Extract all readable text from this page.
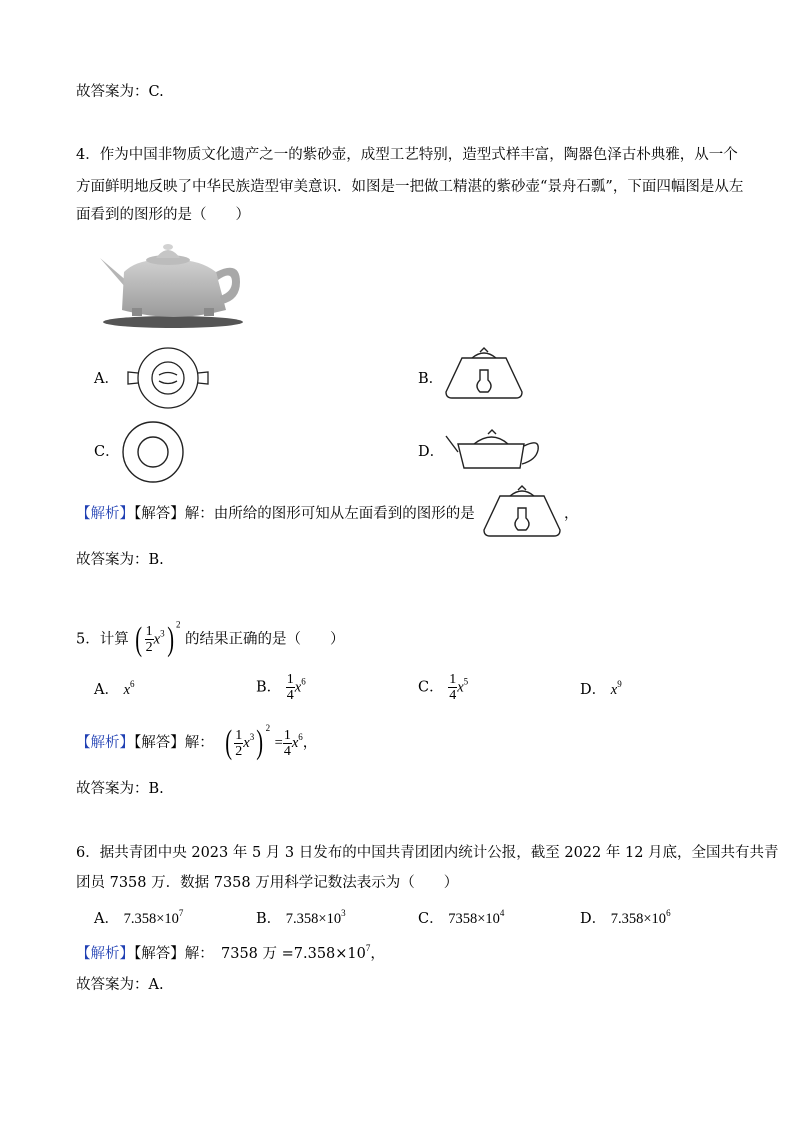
故答案为：C.
4．作为中国非物质文化遗产之一的紫砂壶，成型工艺特别，造型式样丰富，陶器色泽古朴典雅，从一个
方面鲜明地反映了中华民族造型审美意识．如图是一把做工精湛的紫砂壶“景舟石瓢”，下面四幅图是从左
面看到的图形的是（　　）
A．	B．
C．	D．
【解析】【解答】解：由所给的图形可知从左面看到的图形的是	，
故答案为：B.
5．计算 ( $\frac{1}{2} x^3$) $^2$ 的结果正确的是（　　）
A． $x^6$	B． $\frac{1}{4} x^6$	C． $\frac{1}{4} x^5$
D． $x^9$
【解析】【解答】解： ( $\frac{1}{2} x^3$) $^2 = \frac{1}{4} x^6$，
故答案为：B.
6．据共青团中央 2023 年 5 月 3 日发布的中国共青团团内统计公报，截至 2022 年 12 月底，全国共有共青
团员 7358 万．数据 7358 万用科学记数法表示为（　　）
A． $7.358\times 10^7$	B． $7.358\times 10^3$	C． $7358\times 10^4$	D． $7.358\times 10^6$
【解析】【解答】解：　7358 万 $=7.358\times 10^7$，
故答案为：A.
